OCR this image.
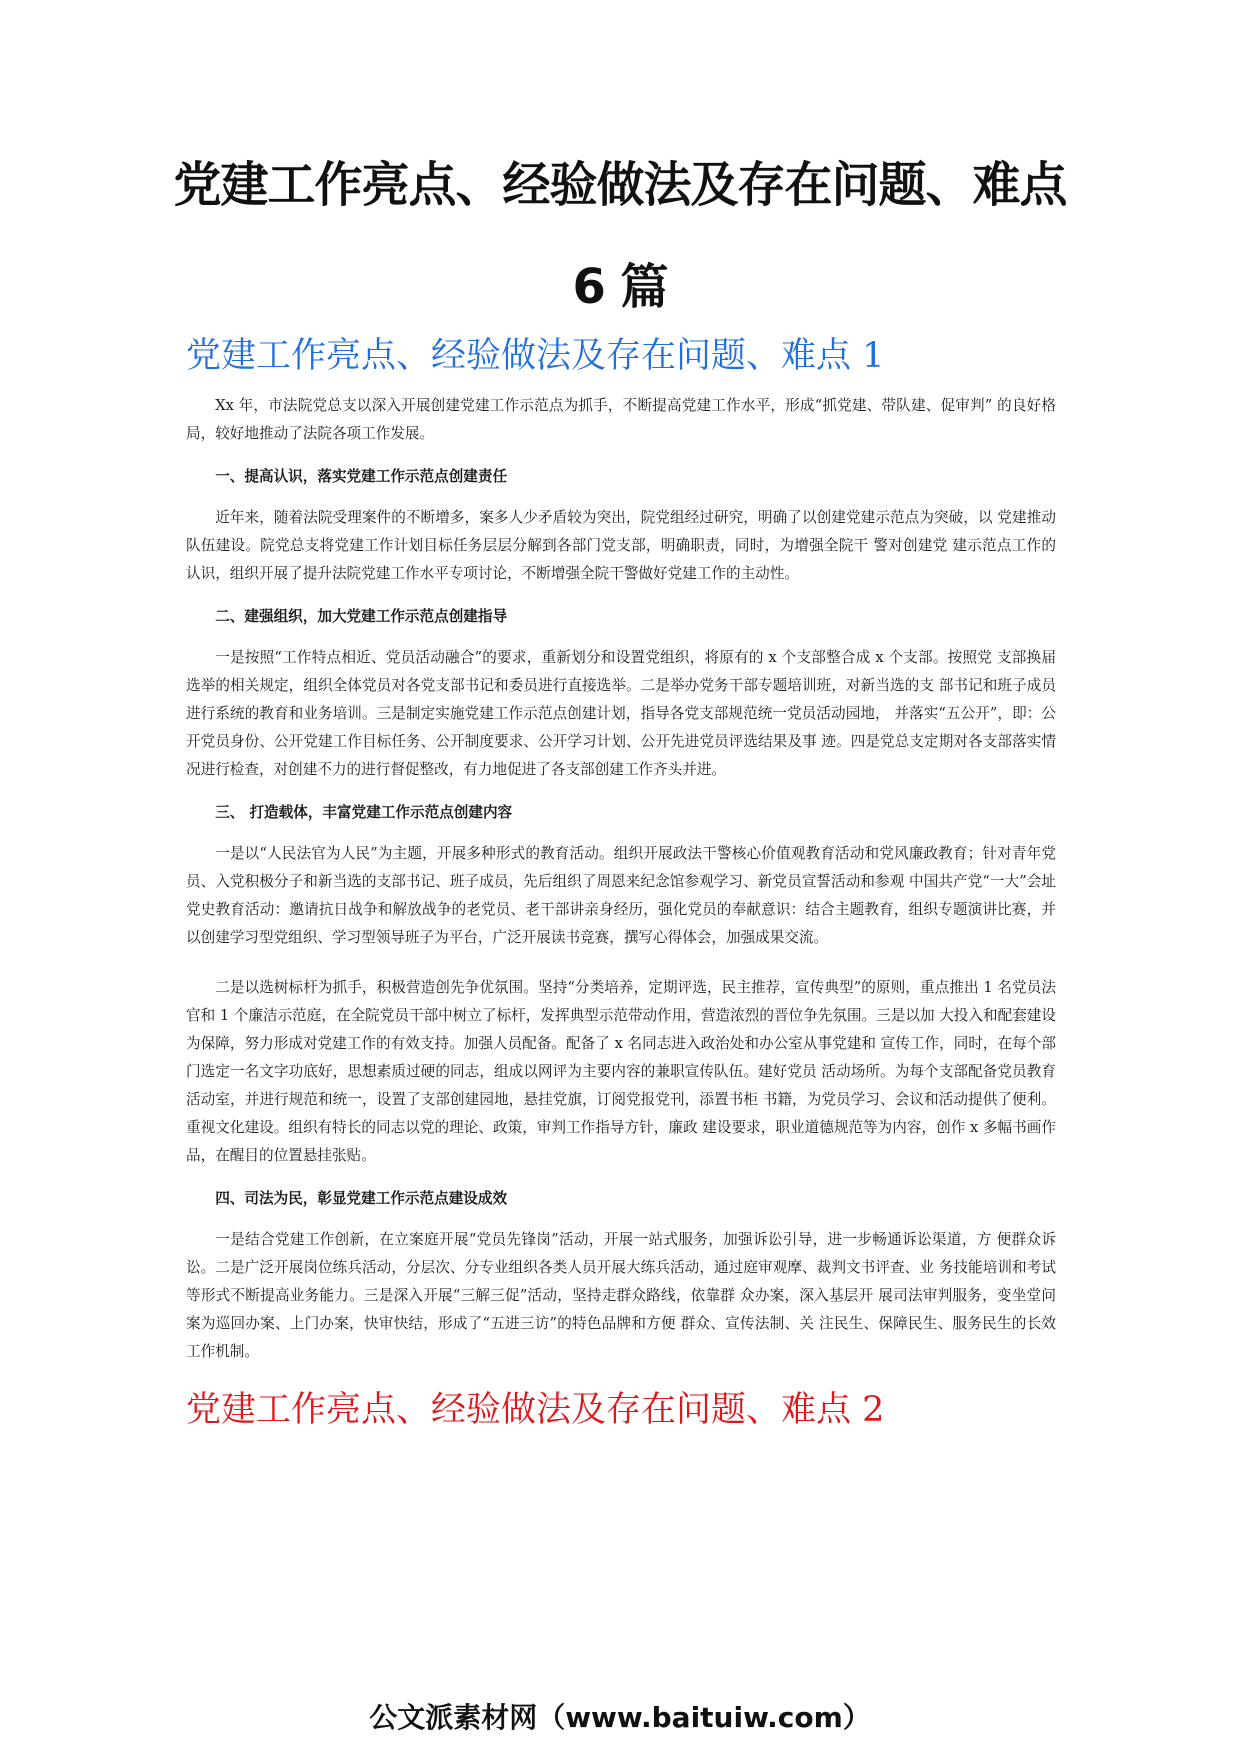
党建工作亮点、经验做法及存在问题、难点
6 篇
党建工作亮点、经验做法及存在问题、难点 1

Xx 年，市法院党总支以深入开展创建党建工作示范点为抓手，不断提高党建工作水平，形成“抓党建、带队建、促审判” 的良好格局，较好地推动了法院各项工作发展。

一、提高认识，落实党建工作示范点创建责任

近年来，随着法院受理案件的不断增多，案多人少矛盾较为突出，院党组经过研究，明确了以创建党建示范点为突破，以 党建推动队伍建设。院党总支将党建工作计划目标任务层层分解到各部门党支部，明确职责，同时，为增强全院干 警对创建党 建示范点工作的认识，组织开展了提升法院党建工作水平专项讨论，不断增强全院干警做好党建工作的主动性。

二、建强组织，加大党建工作示范点创建指导

一是按照“工作特点相近、党员活动融合”的要求，重新划分和设置党组织，将原有的 x 个支部整合成 x 个支部。按照党 支部换届选举的相关规定，组织全体党员对各党支部书记和委员进行直接选举。二是举办党务干部专题培训班，对新当选的支 部书记和班子成员进行系统的教育和业务培训。三是制定实施党建工作示范点创建计划，指导各党支部规范统一党员活动园地， 并落实“五公开”，即：公开党员身份、公开党建工作目标任务、公开制度要求、公开学习计划、公开先进党员评选结果及事 迹。四是党总支定期对各支部落实情况进行检查，对创建不力的进行督促整改，有力地促进了各支部创建工作齐头并进。

三、 打造载体，丰富党建工作示范点创建内容

一是以“人民法官为人民”为主题，开展多种形式的教育活动。组织开展政法干警核心价值观教育活动和党风廉政教育；针对青年党员、入党积极分子和新当选的支部书记、班子成员，先后组织了周恩来纪念馆参观学习、新党员宣誓活动和参观 中国共产党“一大”会址党史教育活动：邀请抗日战争和解放战争的老党员、老干部讲亲身经历，强化党员的奉献意识：结合主题教育，组织专题演讲比赛，并以创建学习型党组织、学习型领导班子为平台，广泛开展读书竞赛，撰写心得体会，加强成果交流。

二是以选树标杆为抓手，积极营造创先争优氛围。坚持“分类培养，定期评选，民主推荐，宣传典型”的原则，重点推出 1 名党员法官和 1 个廉洁示范庭，在全院党员干部中树立了标杆，发挥典型示范带动作用，营造浓烈的晋位争先氛围。三是以加 大投入和配套建设为保障，努力形成对党建工作的有效支持。加强人员配备。配备了 x 名同志进入政治处和办公室从事党建和 宣传工作，同时，在每个部门选定一名文字功底好，思想素质过硬的同志，组成以网评为主要内容的兼职宣传队伍。建好党员 活动场所。为每个支部配备党员教育活动室，并进行规范和统一，设置了支部创建园地，悬挂党旗，订阅党报党刊，添置书柜 书籍，为党员学习、会议和活动提供了便利。重视文化建设。组织有特长的同志以党的理论、政策，审判工作指导方针，廉政 建设要求，职业道德规范等为内容，创作 x 多幅书画作品，在醒目的位置悬挂张贴。

四、司法为民，彰显党建工作示范点建设成效

一是结合党建工作创新，在立案庭开展“党员先锋岗”活动，开展一站式服务，加强诉讼引导，进一步畅通诉讼渠道，方 便群众诉讼。二是广泛开展岗位练兵活动，分层次、分专业组织各类人员开展大练兵活动，通过庭审观摩、裁判文书评查、业 务技能培训和考试等形式不断提高业务能力。三是深入开展“三解三促”活动，坚持走群众路线，依靠群 众办案，深入基层开 展司法审判服务，变坐堂问案为巡回办案、上门办案，快审快结，形成了“五进三访”的特色品牌和方便 群众、宣传法制、关 注民生、保障民生、服务民生的长效工作机制。

党建工作亮点、经验做法及存在问题、难点 2
公文派素材网（www.baituiw.com）
